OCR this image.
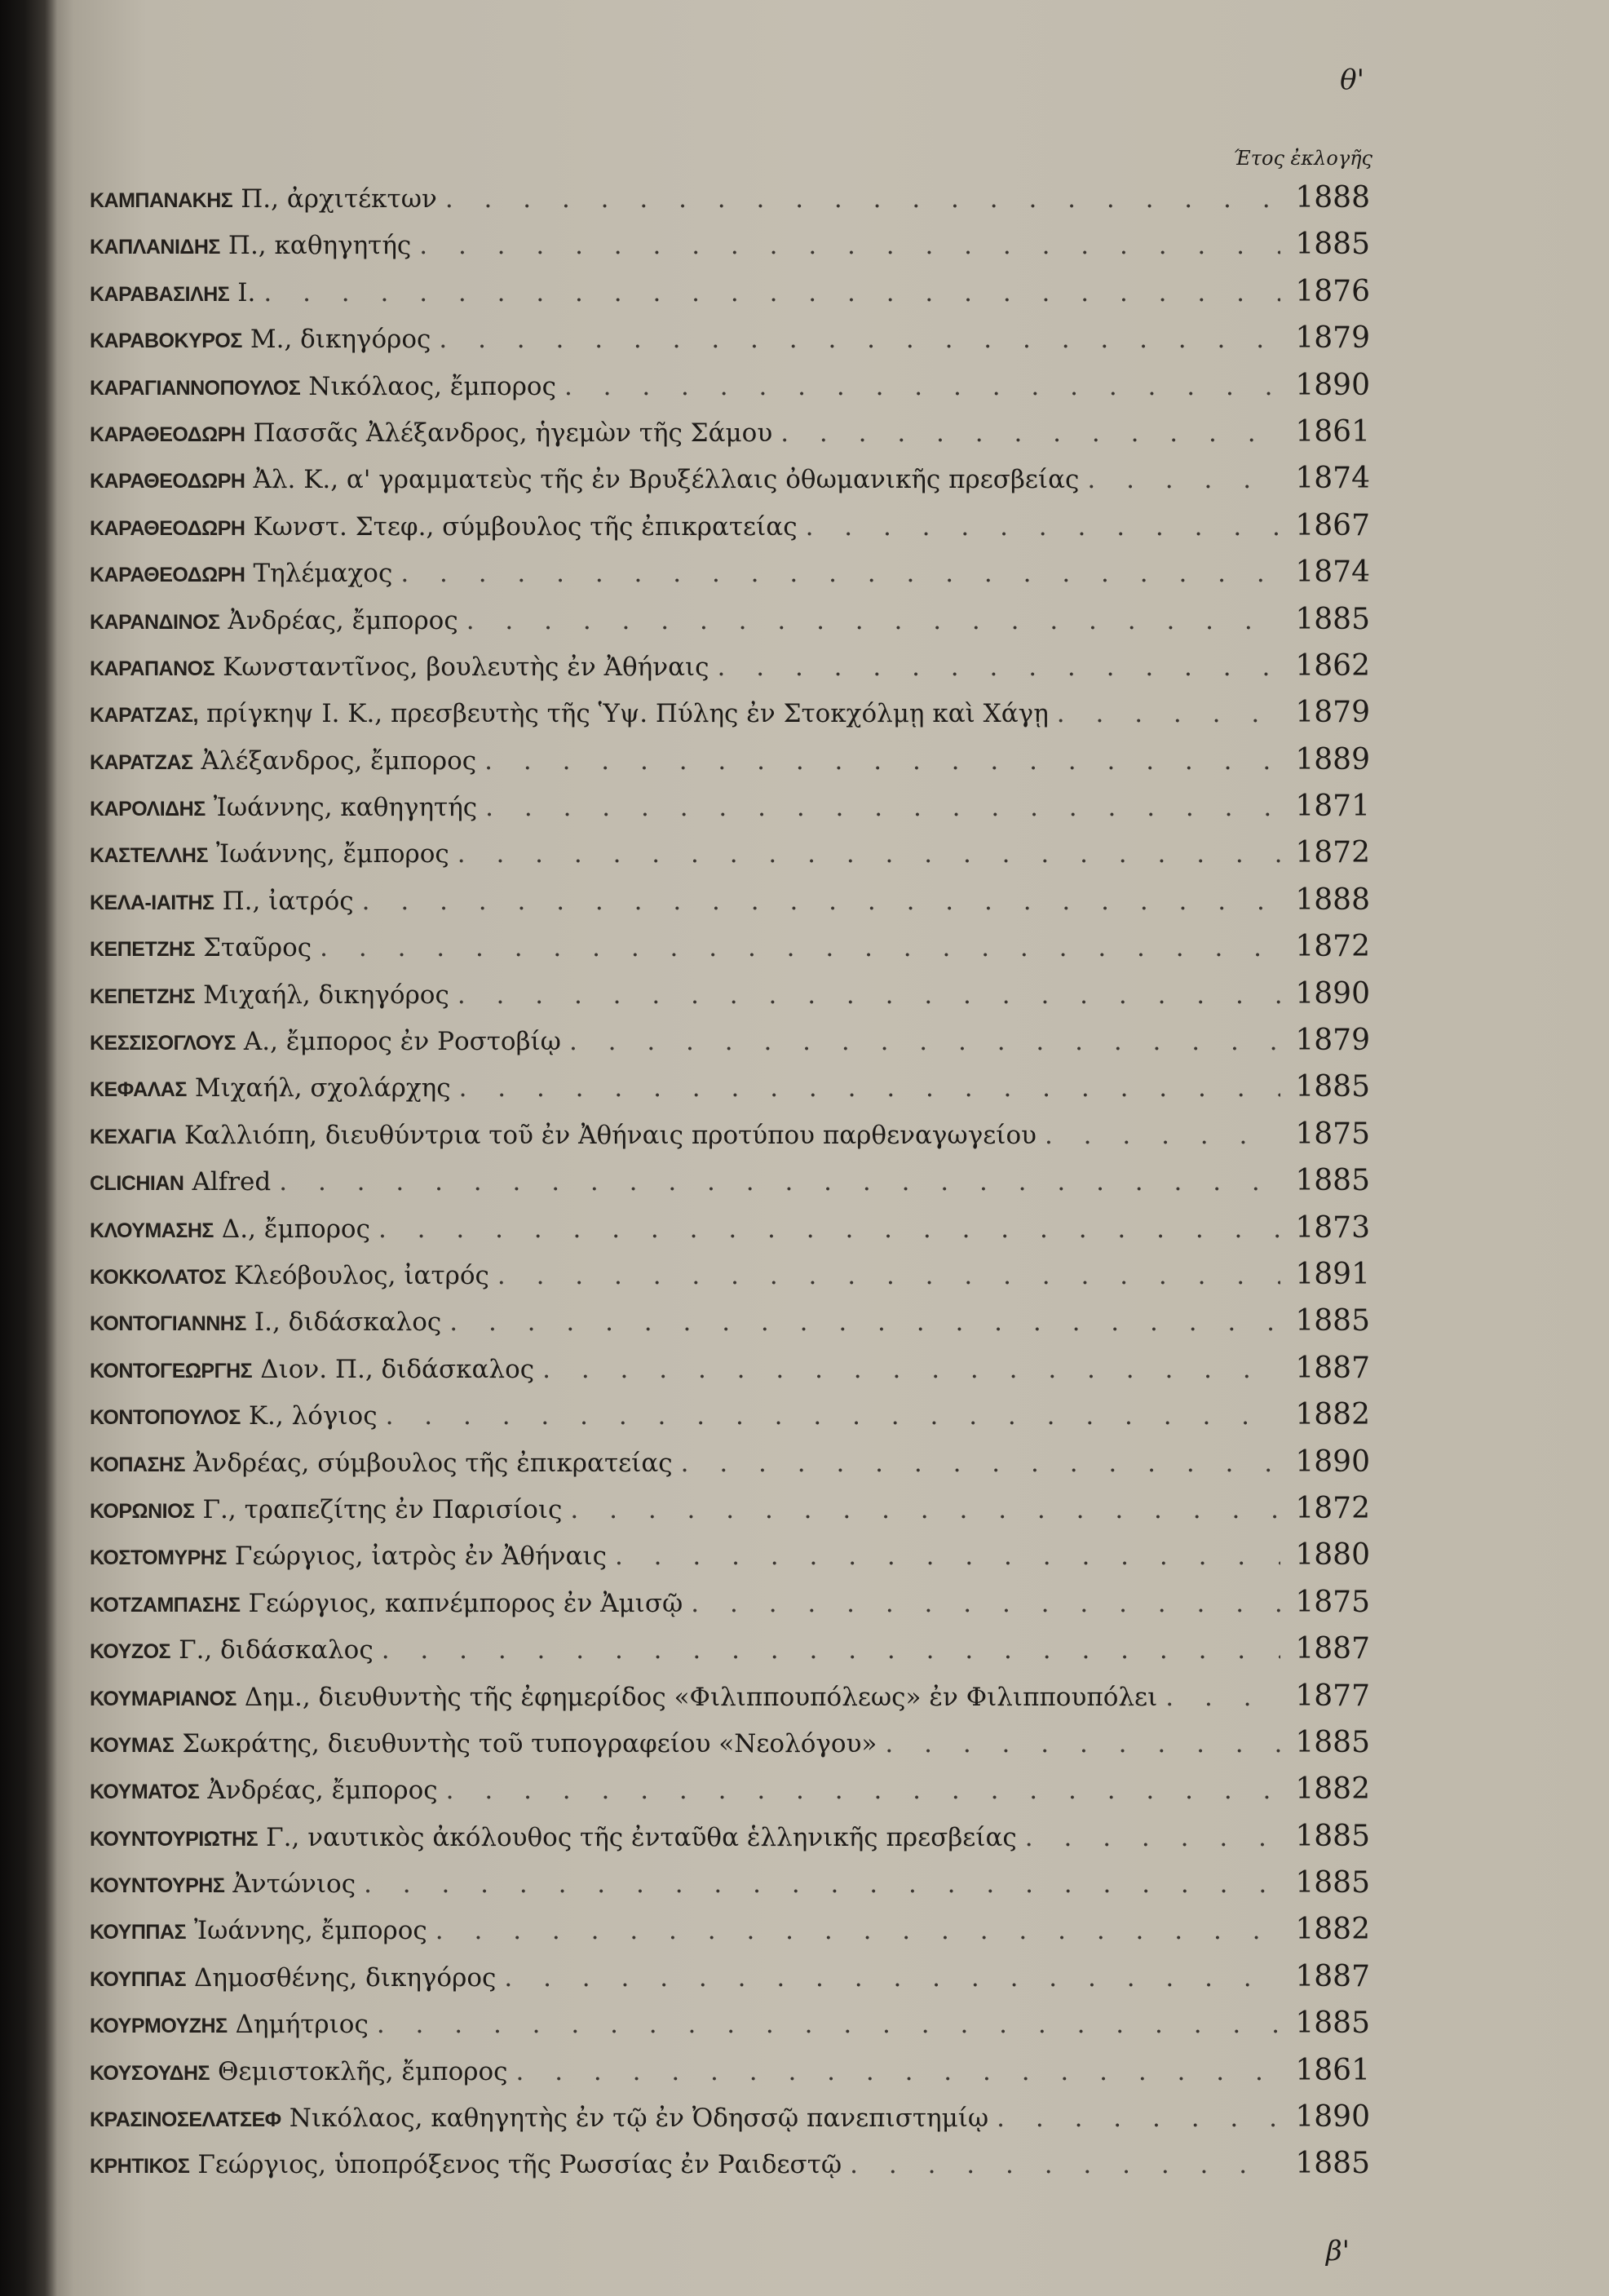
θ'
Έτος ἐκλογῆς
ΚΑΜΠΑΝΑΚΗΣ Π., ἀρχιτέκτων . . .	1888
ΚΑΠΛΑΝΙΔΗΣ Π., καθηγητής . . .	1885
ΚΑΡΑΒΑΣΙΛΗΣ Ι. . . .	1876
ΚΑΡΑΒΟΚΥΡΟΣ Μ., δικηγόρος . . .	1879
ΚΑΡΑΓΙΑΝΝΟΠΟΥΛΟΣ Νικόλαος, ἔμπορος . . .	1890
ΚΑΡΑΘΕΟΔΩΡΗ Πασσᾶς Ἀλέξανδρος, ἡγεμὼν τῆς Σάμου . . .	1861
ΚΑΡΑΘΕΟΔΩΡΗ Ἀλ. Κ., α' γραμματεὺς τῆς ἐν Βρυξέλλαις ὀθωμανικῆς πρεσβείας . . .	1874
ΚΑΡΑΘΕΟΔΩΡΗ Κωνστ. Στεφ., σύμβουλος τῆς ἐπικρατείας . . .	1867
ΚΑΡΑΘΕΟΔΩΡΗ Τηλέμαχος . . .	1874
ΚΑΡΑΝΔΙΝΟΣ Ἀνδρέας, ἔμπορος . . .	1885
ΚΑΡΑΠΑΝΟΣ Κωνσταντῖνος, βουλευτὴς ἐν Ἀθήναις . . .	1862
ΚΑΡΑΤΖΑΣ, πρίγκηψ Ι. Κ., πρεσβευτὴς τῆς Ὑψ. Πύλης ἐν Στοκχόλμῃ καὶ Χάγῃ . . .	1879
ΚΑΡΑΤΖΑΣ Ἀλέξανδρος, ἔμπορος . . .	1889
ΚΑΡΟΛΙΔΗΣ Ἰωάννης, καθηγητής . . .	1871
ΚΑΣΤΕΛΛΗΣ Ἰωάννης, ἔμπορος . . .	1872
ΚΕΛΑ-ΙΑΙΤΗΣ Π., ἰατρός . . .	1888
ΚΕΠΕΤΖΗΣ Σταῦρος . . .	1872
ΚΕΠΕΤΖΗΣ Μιχαήλ, δικηγόρος . . .	1890
ΚΕΣΣΙΣΟΓΛΟΥΣ Α., ἔμπορος ἐν Ροστοβίῳ . . .	1879
ΚΕΦΑΛΑΣ Μιχαήλ, σχολάρχης . . .	1885
ΚΕΧΑΓΙΑ Καλλιόπη, διευθύντρια τοῦ ἐν Ἀθήναις προτύπου παρθεναγωγείου . . .	1875
CLICHIAN Alfred . . .	1885
ΚΛΟΥΜΑΣΗΣ Δ., ἔμπορος . . .	1873
ΚΟΚΚΟΛΑΤΟΣ Κλεόβουλος, ἰατρός . . .	1891
ΚΟΝΤΟΓΙΑΝΝΗΣ Ι., διδάσκαλος . . .	1885
ΚΟΝΤΟΓΕΩΡΓΗΣ Διον. Π., διδάσκαλος . . .	1887
ΚΟΝΤΟΠΟΥΛΟΣ Κ., λόγιος . . .	1882
ΚΟΠΑΣΗΣ Ἀνδρέας, σύμβουλος τῆς ἐπικρατείας . . .	1890
ΚΟΡΩΝΙΟΣ Γ., τραπεζίτης ἐν Παρισίοις . . .	1872
ΚΟΣΤΟΜΥΡΗΣ Γεώργιος, ἰατρὸς ἐν Ἀθήναις . . .	1880
ΚΟΤΖΑΜΠΑΣΗΣ Γεώργιος, καπνέμπορος ἐν Ἀμισῷ . . .	1875
ΚΟΥΖΟΣ Γ., διδάσκαλος . . .	1887
ΚΟΥΜΑΡΙΑΝΟΣ Δημ., διευθυντὴς τῆς ἐφημερίδος «Φιλιππουπόλεως» ἐν Φιλιππουπόλει . . .	1877
ΚΟΥΜΑΣ Σωκράτης, διευθυντὴς τοῦ τυπογραφείου «Νεολόγου» . . .	1885
ΚΟΥΜΑΤΟΣ Ἀνδρέας, ἔμπορος . . .	1882
ΚΟΥΝΤΟΥΡΙΩΤΗΣ Γ., ναυτικὸς ἀκόλουθος τῆς ἐνταῦθα ἑλληνικῆς πρεσβείας . . .	1885
ΚΟΥΝΤΟΥΡΗΣ Ἀντώνιος . . .	1885
ΚΟΥΠΠΑΣ Ἰωάννης, ἔμπορος . . .	1882
ΚΟΥΠΠΑΣ Δημοσθένης, δικηγόρος . . .	1887
ΚΟΥΡΜΟΥΖΗΣ Δημήτριος . . .	1885
ΚΟΥΣΟΥΔΗΣ Θεμιστοκλῆς, ἔμπορος . . .	1861
ΚΡΑΣΙΝΟΣΕΛΑΤΣΕΦ Νικόλαος, καθηγητὴς ἐν τῷ ἐν Ὀδησσῷ πανεπιστημίῳ . . .	1890
ΚΡΗΤΙΚΟΣ Γεώργιος, ὑποπρόξενος τῆς Ρωσσίας ἐν Ραιδεστῷ . . .	1885
β'
